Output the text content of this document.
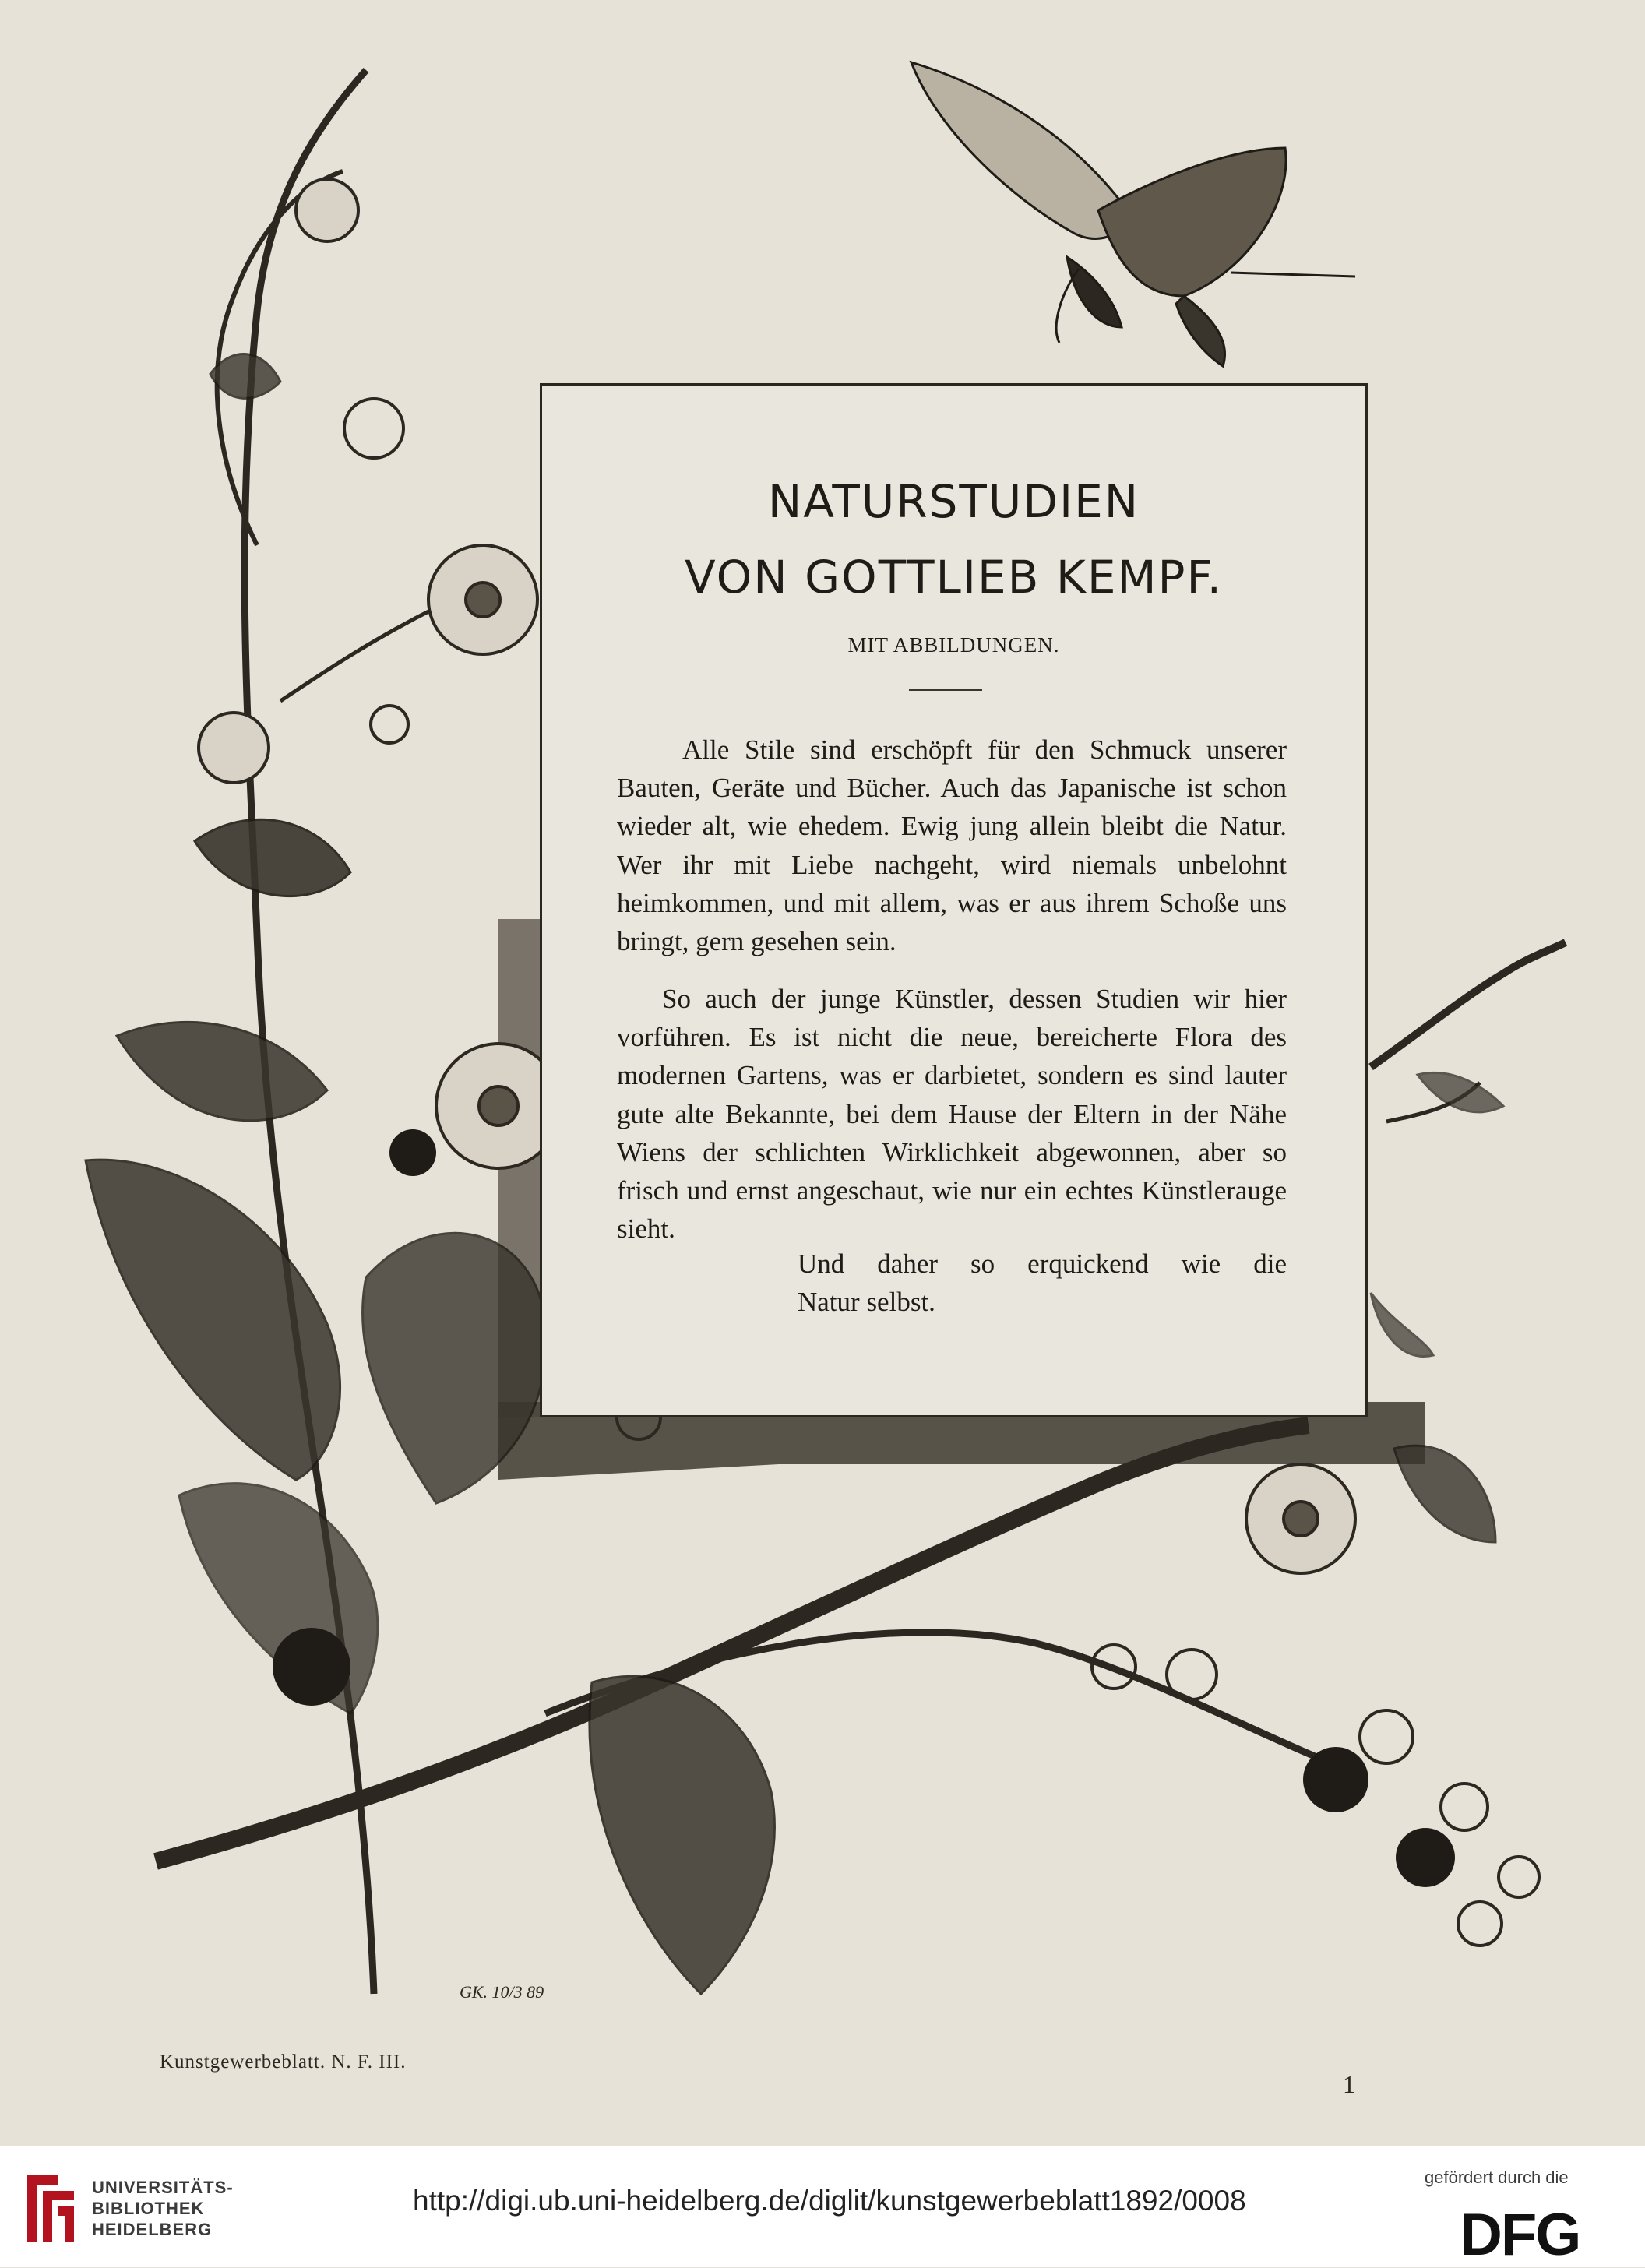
GK. 10/3 89
NATURSTUDIEN
VON GOTTLIEB KEMPF.
MIT ABBILDUNGEN.

Alle Stile sind erschöpft für den Schmuck unserer Bauten, Geräte und Bücher. Auch das Japanische ist schon wieder alt, wie ehedem. Ewig jung allein bleibt die Natur. Wer ihr mit Liebe nachgeht, wird niemals unbelohnt heimkommen, und mit allem, was er aus ihrem Schoße uns bringt, gern gesehen sein.

So auch der junge Künstler, dessen Studien wir hier vorführen. Es ist nicht die neue, bereicherte Flora des modernen Gartens, was er darbietet, sondern es sind lauter gute alte Bekannte, bei dem Hause der Eltern in der Nähe Wiens der schlichten Wirklichkeit abgewonnen, aber so frisch und ernst angeschaut, wie nur ein echtes Künstlerauge sieht.

Und daher so erquickend wie die
Natur selbst.

Kunstgewerbeblatt. N. F. III.
1
UNIVERSITÄTS-
BIBLIOTHEK
HEIDELBERG
http://digi.ub.uni-heidelberg.de/diglit/kunstgewerbeblatt1892/0008
gefördert durch die
DFG
